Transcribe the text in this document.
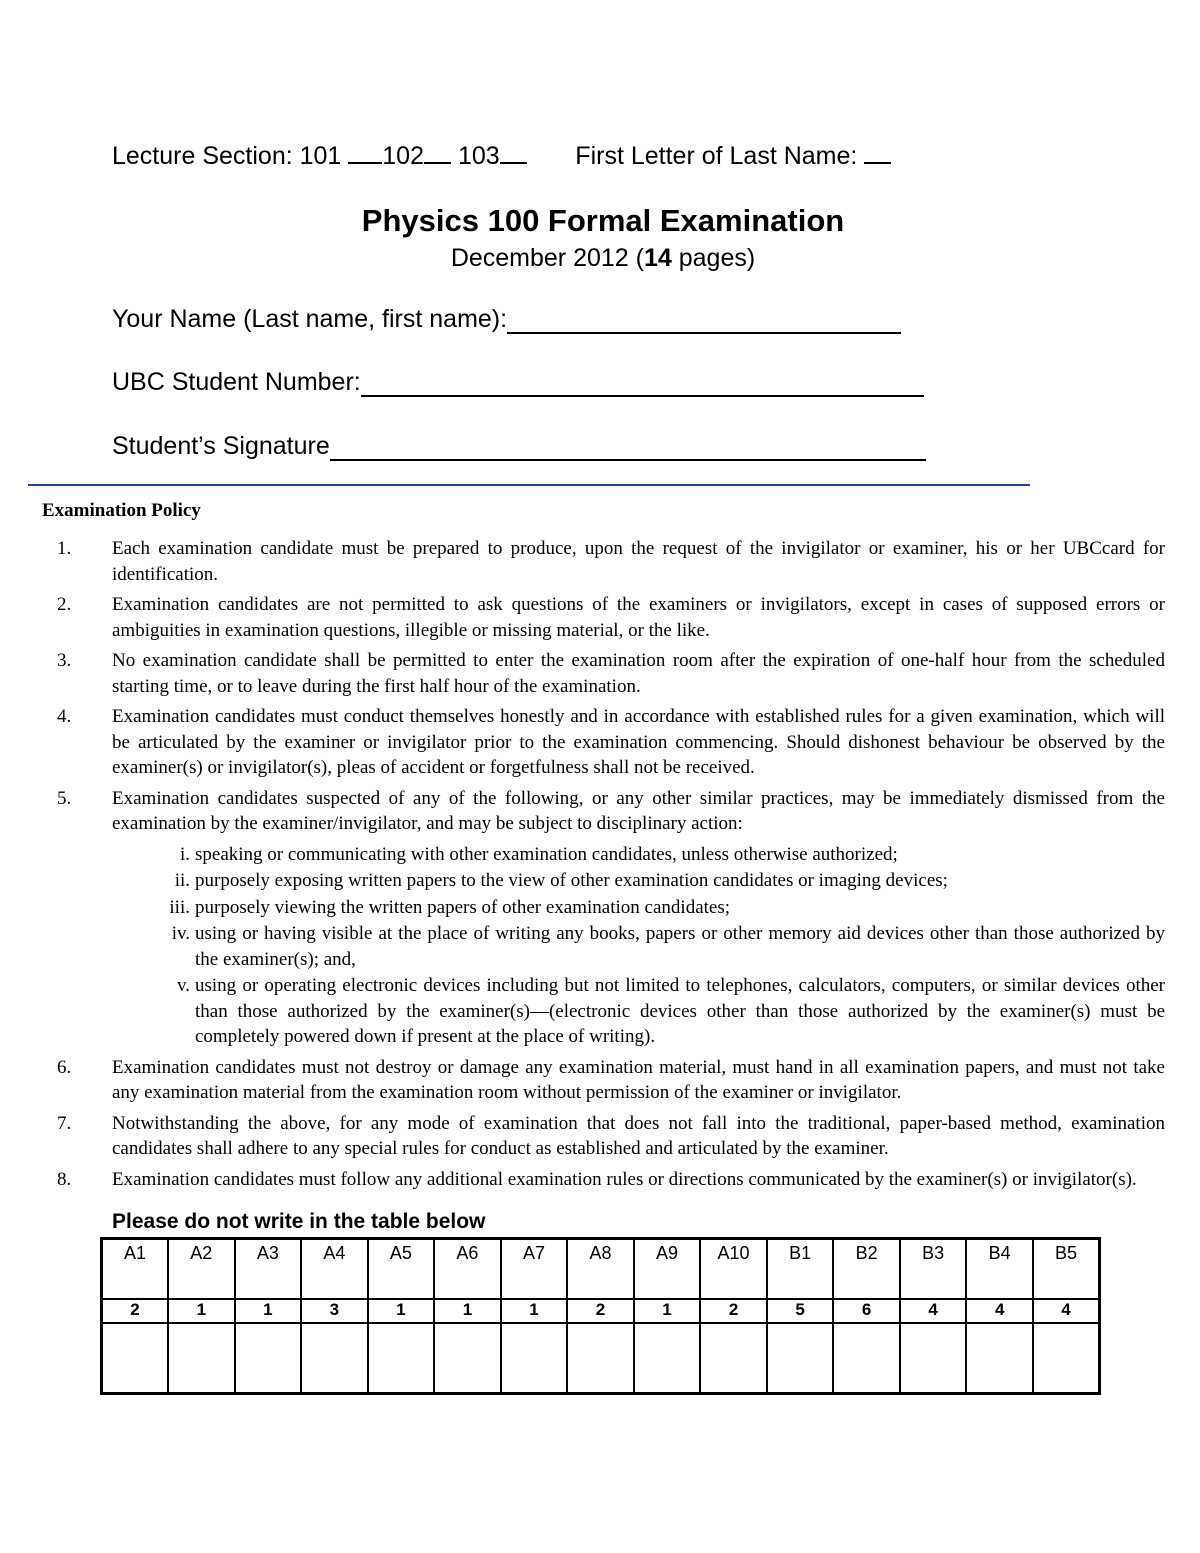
Lecture Section: 101 102 103	First Letter of Last Name:
Physics 100 Formal Examination
December 2012 (14 pages)
Your Name (Last name, first name):
UBC Student Number:
Student’s Signature
Examination Policy
1. Each examination candidate must be prepared to produce, upon the request of the invigilator or examiner, his or her UBCcard for identification.
2. Examination candidates are not permitted to ask questions of the examiners or invigilators, except in cases of supposed errors or ambiguities in examination questions, illegible or missing material, or the like.
3. No examination candidate shall be permitted to enter the examination room after the expiration of one-half hour from the scheduled starting time, or to leave during the first half hour of the examination.
4. Examination candidates must conduct themselves honestly and in accordance with established rules for a given examination, which will be articulated by the examiner or invigilator prior to the examination commencing. Should dishonest behaviour be observed by the examiner(s) or invigilator(s), pleas of accident or forgetfulness shall not be received.
5. Examination candidates suspected of any of the following, or any other similar practices, may be immediately dismissed from the examination by the examiner/invigilator, and may be subject to disciplinary action:
i. speaking or communicating with other examination candidates, unless otherwise authorized;
ii. purposely exposing written papers to the view of other examination candidates or imaging devices;
iii. purposely viewing the written papers of other examination candidates;
iv. using or having visible at the place of writing any books, papers or other memory aid devices other than those authorized by the examiner(s); and,
v. using or operating electronic devices including but not limited to telephones, calculators, computers, or similar devices other than those authorized by the examiner(s)—(electronic devices other than those authorized by the examiner(s) must be completely powered down if present at the place of writing).
6. Examination candidates must not destroy or damage any examination material, must hand in all examination papers, and must not take any examination material from the examination room without permission of the examiner or invigilator.
7. Notwithstanding the above, for any mode of examination that does not fall into the traditional, paper-based method, examination candidates shall adhere to any special rules for conduct as established and articulated by the examiner.
8. Examination candidates must follow any additional examination rules or directions communicated by the examiner(s) or invigilator(s).
Please do not write in the table below
A1	A2	A3	A4	A5	A6	A7	A8	A9	A10	B1	B2	B3	B4	B5
2	1	1	3	1	1	1	2	1	2	5	6	4	4	4
